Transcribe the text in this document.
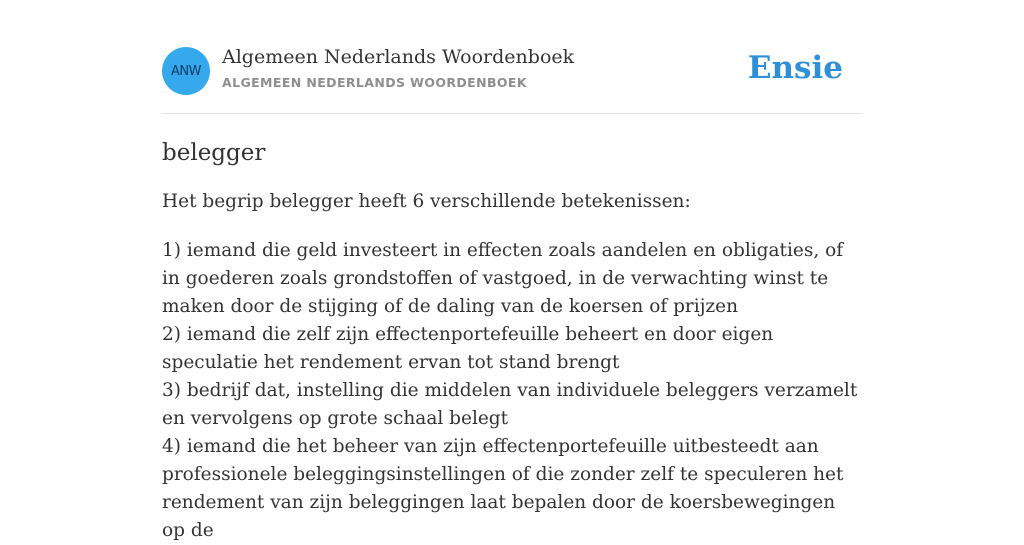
ANW
Algemeen Nederlands Woordenboek
ALGEMEEN NEDERLANDS WOORDENBOEK	Ensie
belegger

Het begrip belegger heeft 6 verschillende betekenissen:

1) iemand die geld investeert in effecten zoals aandelen en obligaties, of in goederen zoals grondstoffen of vastgoed, in de verwachting winst te maken door de stijging of de daling van de koersen of prijzen
2) iemand die zelf zijn effectenportefeuille beheert en door eigen speculatie het rendement ervan tot stand brengt
3) bedrijf dat, instelling die middelen van individuele beleggers verzamelt en vervolgens op grote schaal belegt
4) iemand die het beheer van zijn effectenportefeuille uitbesteedt aan professionele beleggingsinstellingen of die zonder zelf te speculeren het rendement van zijn beleggingen laat bepalen door de koersbewegingen op de
